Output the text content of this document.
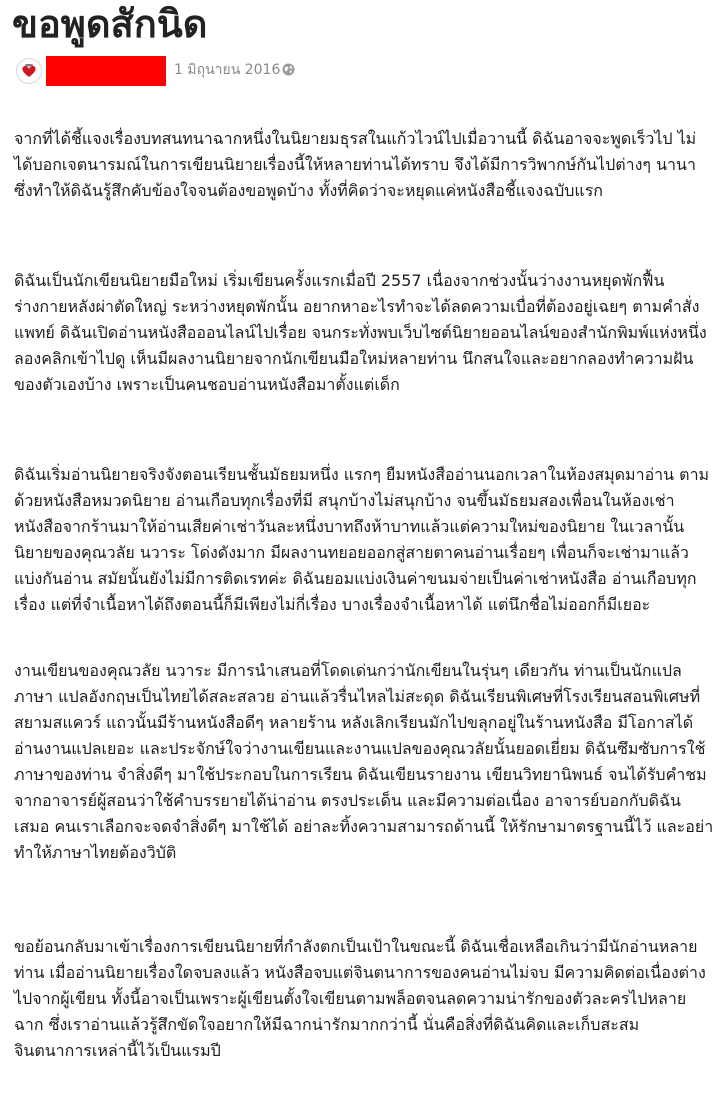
ขอพูดสักนิด
1 มิถุนายน 2016

จากที่ได้ชี้แจงเรื่องบทสนทนาฉากหนึ่งในนิยายมธุรสในแก้วไวน์ไปเมื่อวานนี้ ดิฉันอาจจะพูดเร็วไป ไม่ได้บอกเจตนารมณ์ในการเขียนนิยายเรื่องนี้ให้หลายท่านได้ทราบ จึงได้มีการวิพากษ์กันไปต่างๆ นานา ซึ่งทำให้ดิฉันรู้สึกคับข้องใจจนต้องขอพูดบ้าง ทั้งที่คิดว่าจะหยุดแค่หนังสือชี้แจงฉบับแรก

ดิฉันเป็นนักเขียนนิยายมือใหม่ เริ่มเขียนครั้งแรกเมื่อปี 2557 เนื่องจากช่วงนั้นว่างงานหยุดพักฟื้นร่างกายหลังผ่าตัดใหญ่ ระหว่างหยุดพักนั้น อยากหาอะไรทำจะได้ลดความเบื่อที่ต้องอยู่เฉยๆ ตามคำสั่งแพทย์ ดิฉันเปิดอ่านหนังสือออนไลน์ไปเรื่อย จนกระทั่งพบเว็บไซต์นิยายออนไลน์ของสำนักพิมพ์แห่งหนึ่ง ลองคลิกเข้าไปดู เห็นมีผลงานนิยายจากนักเขียนมือใหม่หลายท่าน นึกสนใจและอยากลองทำความฝันของตัวเองบ้าง เพราะเป็นคนชอบอ่านหนังสือมาตั้งแต่เด็ก

ดิฉันเริ่มอ่านนิยายจริงจังตอนเรียนชั้นมัธยมหนึ่ง แรกๆ ยืมหนังสืออ่านนอกเวลาในห้องสมุดมาอ่าน ตามด้วยหนังสือหมวดนิยาย อ่านเกือบทุกเรื่องที่มี สนุกบ้างไม่สนุกบ้าง จนขึ้นมัธยมสองเพื่อนในห้องเช่าหนังสือจากร้านมาให้อ่านเสียค่าเช่าวันละหนึ่งบาทถึงห้าบาทแล้วแต่ความใหม่ของนิยาย ในเวลานั้นนิยายของคุณวลัย นวาระ โด่งดังมาก มีผลงานทยอยออกสู่สายตาคนอ่านเรื่อยๆ เพื่อนก็จะเช่ามาแล้วแบ่งกันอ่าน สมัยนั้นยังไม่มีการติดเรทค่ะ ดิฉันยอมแบ่งเงินค่าขนมจ่ายเป็นค่าเช่าหนังสือ อ่านเกือบทุกเรื่อง แต่ที่จำเนื้อหาได้ถึงตอนนี้ก็มีเพียงไม่กี่เรื่อง บางเรื่องจำเนื้อหาได้ แต่นึกชื่อไม่ออกก็มีเยอะ

งานเขียนของคุณวลัย นวาระ มีการนำเสนอที่โดดเด่นกว่านักเขียนในรุ่นๆ เดียวกัน ท่านเป็นนักแปลภาษา แปลอังกฤษเป็นไทยได้สละสลวย อ่านแล้วรื่นไหลไม่สะดุด ดิฉันเรียนพิเศษที่โรงเรียนสอนพิเศษที่สยามสแควร์ แถวนั้นมีร้านหนังสือดีๆ หลายร้าน หลังเลิกเรียนมักไปขลุกอยู่ในร้านหนังสือ มีโอกาสได้อ่านงานแปลเยอะ และประจักษ์ใจว่างานเขียนและงานแปลของคุณวลัยนั้นยอดเยี่ยม ดิฉันซึมซับการใช้ภาษาของท่าน จำสิ่งดีๆ มาใช้ประกอบในการเรียน ดิฉันเขียนรายงาน เขียนวิทยานิพนธ์ จนได้รับคำชมจากอาจารย์ผู้สอนว่าใช้คำบรรยายได้น่าอ่าน ตรงประเด็น และมีความต่อเนื่อง อาจารย์บอกกับดิฉันเสมอ คนเราเลือกจะจดจำสิ่งดีๆ มาใช้ได้ อย่าละทิ้งความสามารถด้านนี้ ให้รักษามาตรฐานนี้ไว้ และอย่าทำให้ภาษาไทยต้องวิบัติ

ขอย้อนกลับมาเข้าเรื่องการเขียนนิยายที่กำลังตกเป็นเป้าในขณะนี้ ดิฉันเชื่อเหลือเกินว่ามีนักอ่านหลายท่าน เมื่ออ่านนิยายเรื่องใดจบลงแล้ว หนังสือจบแต่จินตนาการของคนอ่านไม่จบ มีความคิดต่อเนื่องต่างไปจากผู้เขียน ทั้งนี้อาจเป็นเพราะผู้เขียนตั้งใจเขียนตามพล็อตจนลดความน่ารักของตัวละครไปหลายฉาก ซึ่งเราอ่านแล้วรู้สึกขัดใจอยากให้มีฉากน่ารักมากกว่านี้ นั่นคือสิ่งที่ดิฉันคิดและเก็บสะสมจินตนาการเหล่านี้ไว้เป็นแรมปี
